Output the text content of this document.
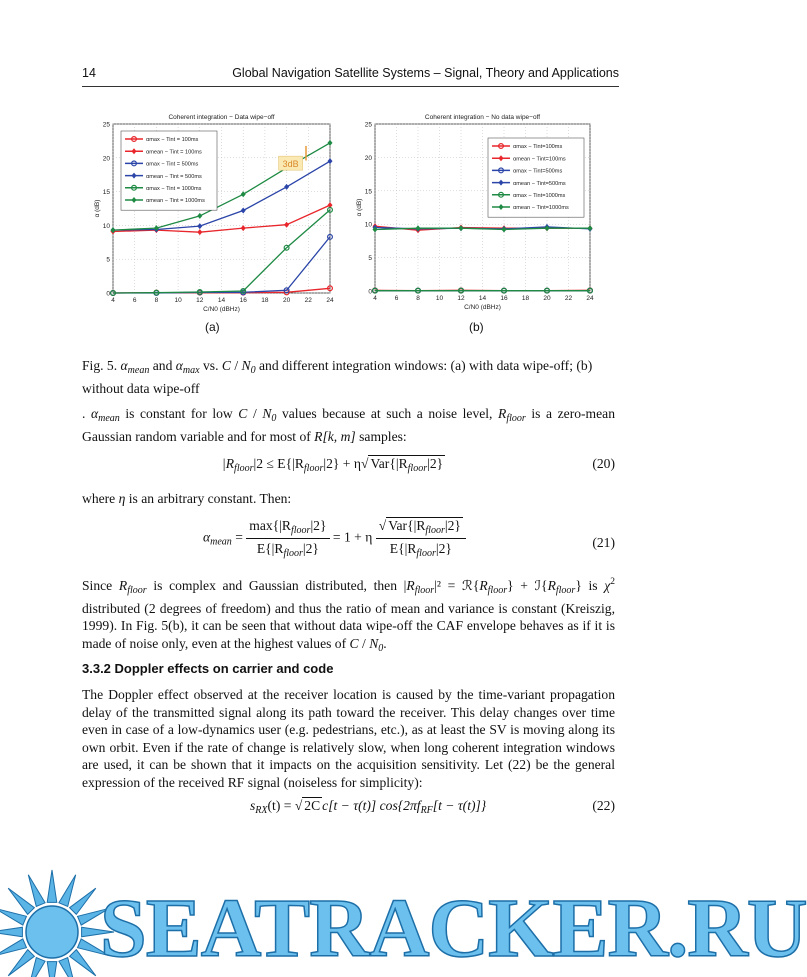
14	Global Navigation Satellite Systems – Signal, Theory and Applications
4	6	8	10 12 14 16 18 20 22 24
0
5
10
15
20
25
Coherent integration − Data wipe−off
C/N0 (dBHz)
α (dB)
3dB
αmax − Tint = 100ms
αmean − Tint = 100ms
αmax − Tint = 500ms
αmean − Tint = 500ms
αmax − Tint = 1000ms
αmean − Tint = 1000ms
4	6	8 10 12 14 16 18 20 22 24
0
5
10
15
20
25
Coherent integration − No data wipe−off
C/N0 (dBHz)
α (dB)
αmax − Tint=100ms
αmean − Tint=100ms
αmax − Tint=500ms
αmean − Tint=500ms
αmax − Tint=1000ms
αmean − Tint=1000ms
(a)	(b)
Fig. 5. $\alpha_{mean}$ and $\alpha_{max}$ vs. C / $N_0$ and different integration windows: (a) with data wipe-off; (b) without data wipe-off
. $\alpha_{mean}$ is constant for low C / $N_0$ values because at such a noise level, $R_{floor}$ is a zero-mean Gaussian random variable and for most of R[k, m] samples:
$|R_{floor}|2 \le E\{|R_{floor}|2\} + \eta√$ $Var\{|R_{floor}|2\}$	(20)
where η is an arbitrary constant. Then:
$\alpha_{mean} = \frac{\max\{|R_{floor}|2\}}{E\{|R_{floor}|2\}} = 1 + \eta \frac{√ Var\{|R_{floor}|2\}}{E\{|R_{floor}|2\}}$	(21)
Since $R_{floor}$ is complex and Gaussian distributed, then $|R_{floor}|^2$ = $ℛ\{R_{floor}\}$ + $ℐ\{R_{floor}\}$ is $\chi^2$ distributed (2 degrees of freedom) and thus the ratio of mean and variance is constant (Kreiszig, 1999). In Fig. 5(b), it can be seen that without data wipe-off the CAF envelope behaves as if it is made of noise only, even at the highest values of C / $N_0$.
3.3.2 Doppler effects on carrier and code
The Doppler effect observed at the receiver location is caused by the time-variant propagation delay of the transmitted signal along its path toward the receiver. This delay changes over time even in case of a low-dynamics user (e.g. pedestrians, etc.), as at least the SV is moving along its own orbit. Even if the rate of change is relatively slow, when long coherent integration windows are used, it can be shown that it impacts on the acquisition sensitivity. Let (22) be the general expression of the received RF signal (noiseless for simplicity):
$s_{RX}(t)$ = √ 2C c[t − τ(t)] $\cos\{2\pi f_{RF}[t - \tau(t)]\}$	(22)
SEATRACKER.RU
